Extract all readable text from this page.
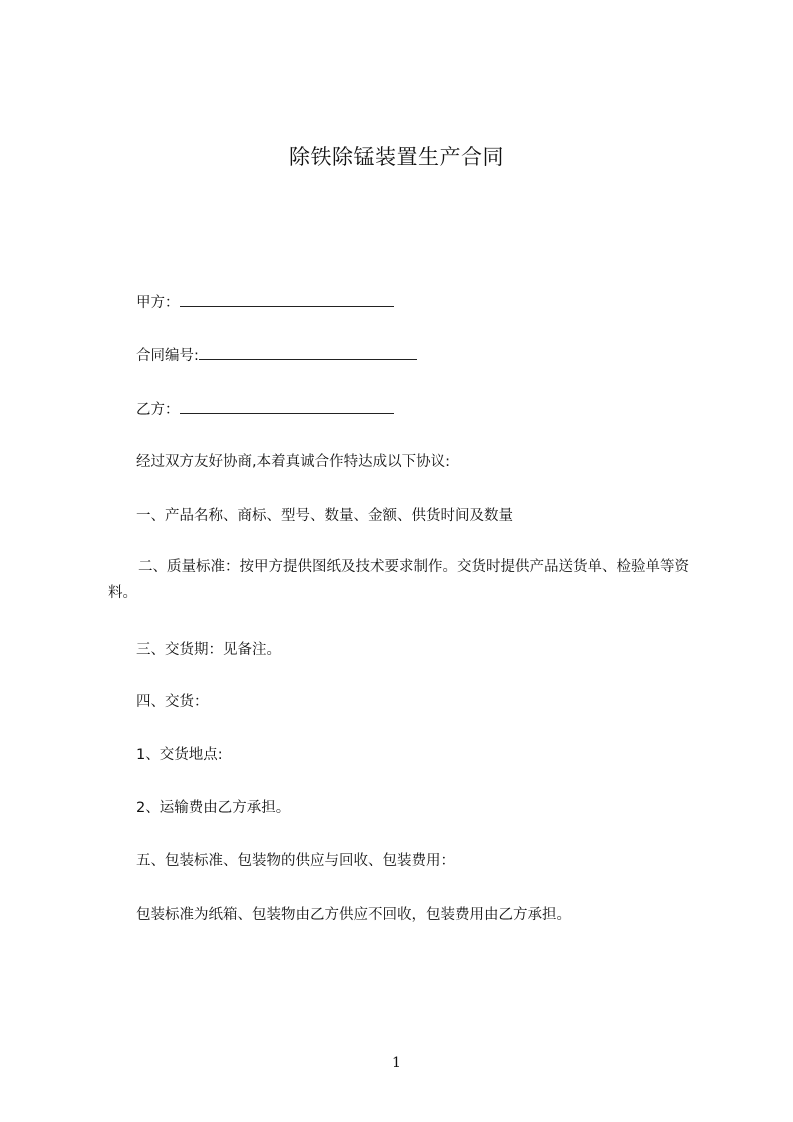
除铁除锰装置生产合同
甲方：
合同编号:
乙方：
经过双方友好协商,本着真诚合作特达成以下协议:
一、产品名称、商标、型号、数量、金额、供货时间及数量
二、质量标准：按甲方提供图纸及技术要求制作。交货时提供产品送货单、检验单等资料。
三、交货期：见备注。
四、交货：
1、交货地点:
2、运输费由乙方承担。
五、包装标准、包装物的供应与回收、包装费用：
包装标准为纸箱、包装物由乙方供应不回收，包装费用由乙方承担。
1
